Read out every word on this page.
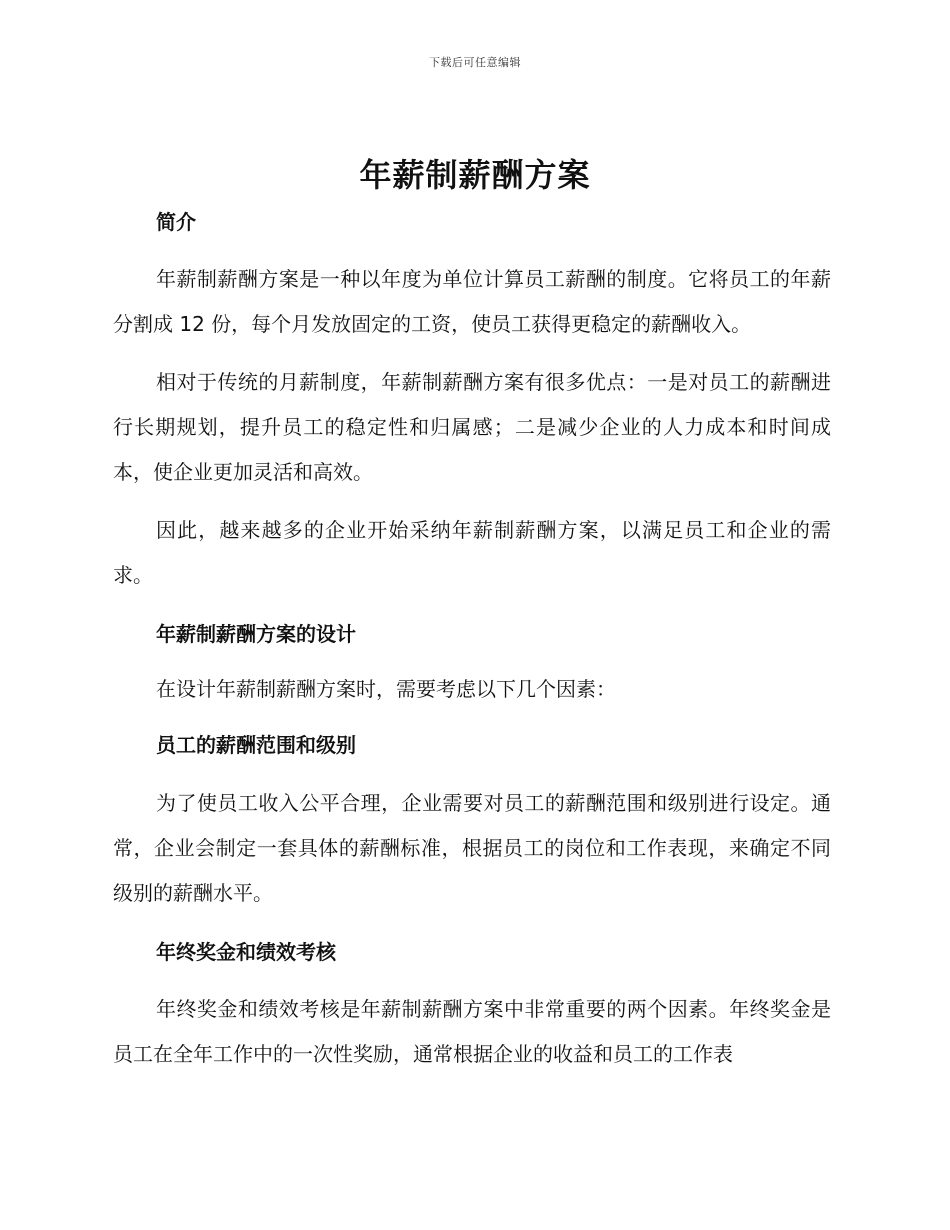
下载后可任意编辑
年薪制薪酬方案
简介

年薪制薪酬方案是一种以年度为单位计算员工薪酬的制度。它将员工的年薪分割成 12 份，每个月发放固定的工资，使员工获得更稳定的薪酬收入。

相对于传统的月薪制度，年薪制薪酬方案有很多优点：一是对员工的薪酬进行长期规划，提升员工的稳定性和归属感；二是减少企业的人力成本和时间成本，使企业更加灵活和高效。

因此，越来越多的企业开始采纳年薪制薪酬方案，以满足员工和企业的需求。

年薪制薪酬方案的设计

在设计年薪制薪酬方案时，需要考虑以下几个因素：

员工的薪酬范围和级别

为了使员工收入公平合理，企业需要对员工的薪酬范围和级别进行设定。通常，企业会制定一套具体的薪酬标准，根据员工的岗位和工作表现，来确定不同级别的薪酬水平。

年终奖金和绩效考核

年终奖金和绩效考核是年薪制薪酬方案中非常重要的两个因素。年终奖金是员工在全年工作中的一次性奖励，通常根据企业的收益和员工的工作表
